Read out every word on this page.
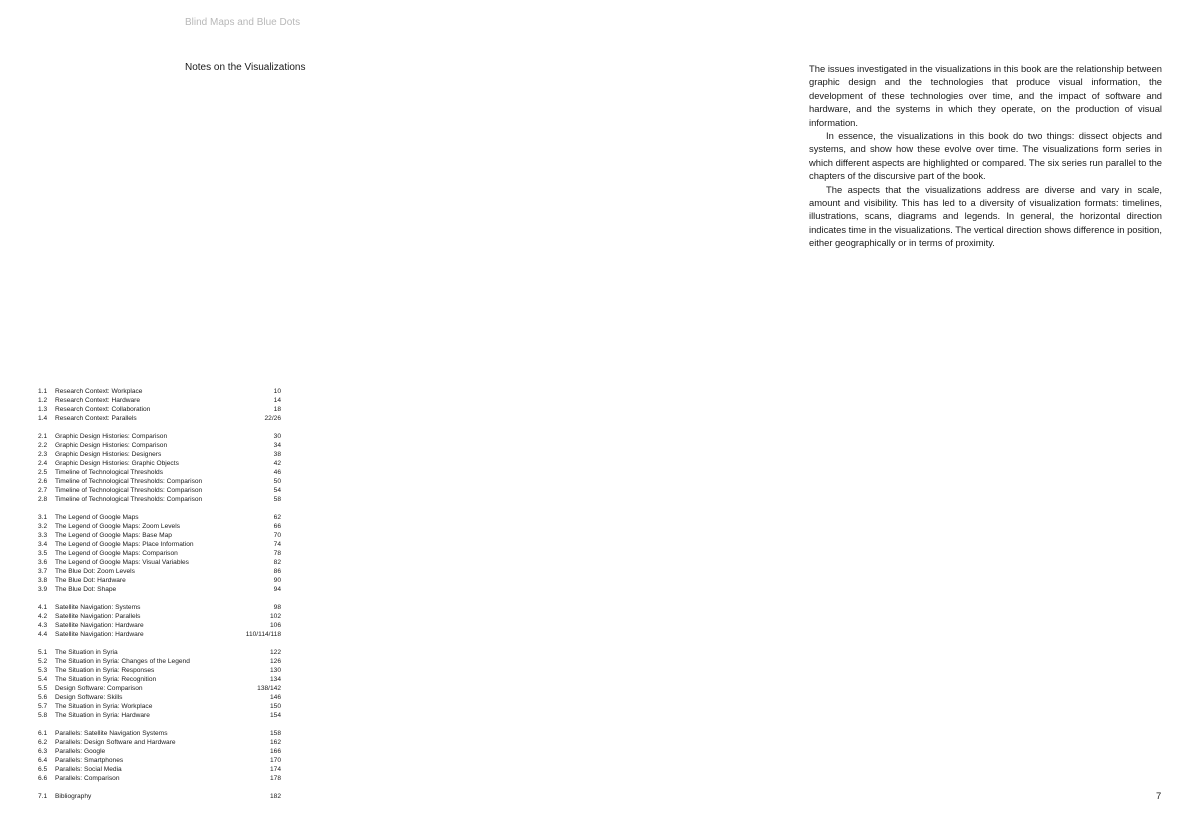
Blind Maps and Blue Dots
Notes on the Visualizations	The issues investigated in the visualizations in this book are the relationship between graphic design and the technologies that produce visual information, the development of these technologies over time, and the impact of software and hardware, and the systems in which they operate, on the production of visual information.

In essence, the visualizations in this book do two things: dissect objects and systems, and show how these evolve over time. The visualizations form series in which different aspects are highlighted or compared. The six series run parallel to the chapters of the discursive part of the book.

The aspects that the visualizations address are diverse and vary in scale, amount and visibility. This has led to a diversity of visualization formats: timelines, illustrations, scans, diagrams and legends. In general, the horizontal direction indicates time in the visualizations. The vertical direction shows difference in position, either geographically or in terms of proximity.

1.1	Research Context: Workplace	10
1.2	Research Context: Hardware	14
1.3	Research Context: Collaboration	18
1.4	Research Context: Parallels	22/26
2.1	Graphic Design Histories: Comparison	30
2.2	Graphic Design Histories: Comparison	34
2.3	Graphic Design Histories: Designers	38
2.4	Graphic Design Histories: Graphic Objects	42
2.5	Timeline of Technological Thresholds	46
2.6	Timeline of Technological Thresholds: Comparison	50
2.7	Timeline of Technological Thresholds: Comparison	54
2.8	Timeline of Technological Thresholds: Comparison	58
3.1	The Legend of Google Maps	62
3.2	The Legend of Google Maps: Zoom Levels	66
3.3	The Legend of Google Maps: Base Map	70
3.4	The Legend of Google Maps: Place Information	74
3.5	The Legend of Google Maps: Comparison	78
3.6	The Legend of Google Maps: Visual Variables	82
3.7	The Blue Dot: Zoom Levels	86
3.8	The Blue Dot: Hardware	90
3.9	The Blue Dot: Shape	94
4.1	Satellite Navigation: Systems	98
4.2	Satellite Navigation: Parallels	102
4.3	Satellite Navigation: Hardware	106
4.4	Satellite Navigation: Hardware	110/114/118
5.1	The Situation in Syria	122
5.2	The Situation in Syria: Changes of the Legend	126
5.3	The Situation in Syria: Responses	130
5.4	The Situation in Syria: Recognition	134
5.5	Design Software: Comparison	138/142
5.6	Design Software: Skills	146
5.7	The Situation in Syria: Workplace	150
5.8	The Situation in Syria: Hardware	154
6.1	Parallels: Satellite Navigation Systems	158
6.2	Parallels: Design Software and Hardware	162
6.3	Parallels: Google	166
6.4	Parallels: Smartphones	170
6.5	Parallels: Social Media	174
6.6	Parallels: Comparison	178
7.1	Bibliography	182	7
